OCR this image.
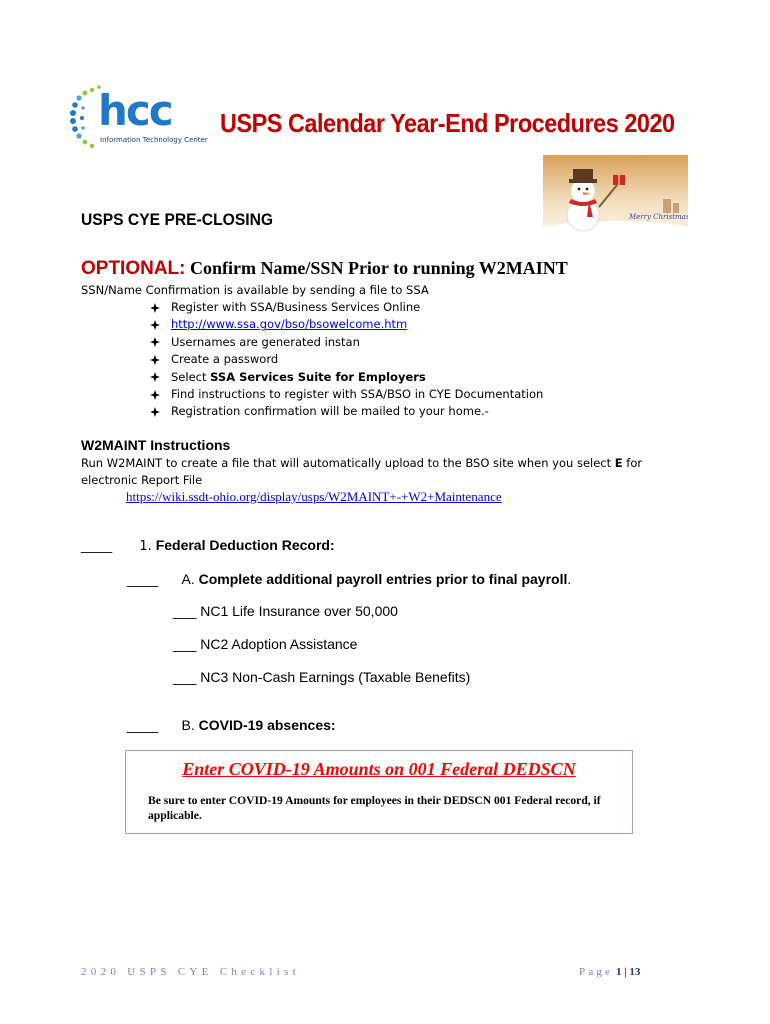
hcc
Information Technology Center
USPS Calendar Year-End Procedures 2020
Merry Christmas
USPS CYE PRE-CLOSING
OPTIONAL: Confirm Name/SSN Prior to running W2MAINT
SSN/Name Confirmation is available by sending a file to SSA
Register with SSA/Business Services Online
http://www.ssa.gov/bso/bsowelcome.htm
Usernames are generated instan
Create a password
Select SSA Services Suite for Employers
Find instructions to register with SSA/BSO in CYE Documentation
Registration confirmation will be mailed to your home.-
W2MAINT Instructions
Run W2MAINT to create a file that will automatically upload to the BSO site when you select E for electronic Report File
https://wiki.ssdt-ohio.org/display/usps/W2MAINT+-+W2+Maintenance
____ 1. Federal Deduction Record:
____ A. Complete additional payroll entries prior to final payroll.
___ NC1 Life Insurance over 50,000
___ NC2 Adoption Assistance
___ NC3 Non-Cash Earnings (Taxable Benefits)
____ B. COVID-19 absences:
Enter COVID-19 Amounts on 001 Federal DEDSCN
Be sure to enter COVID-19 Amounts for employees in their DEDSCN 001 Federal record, if applicable.
2020 USPS CYE Checklist	Page 1 | 13
